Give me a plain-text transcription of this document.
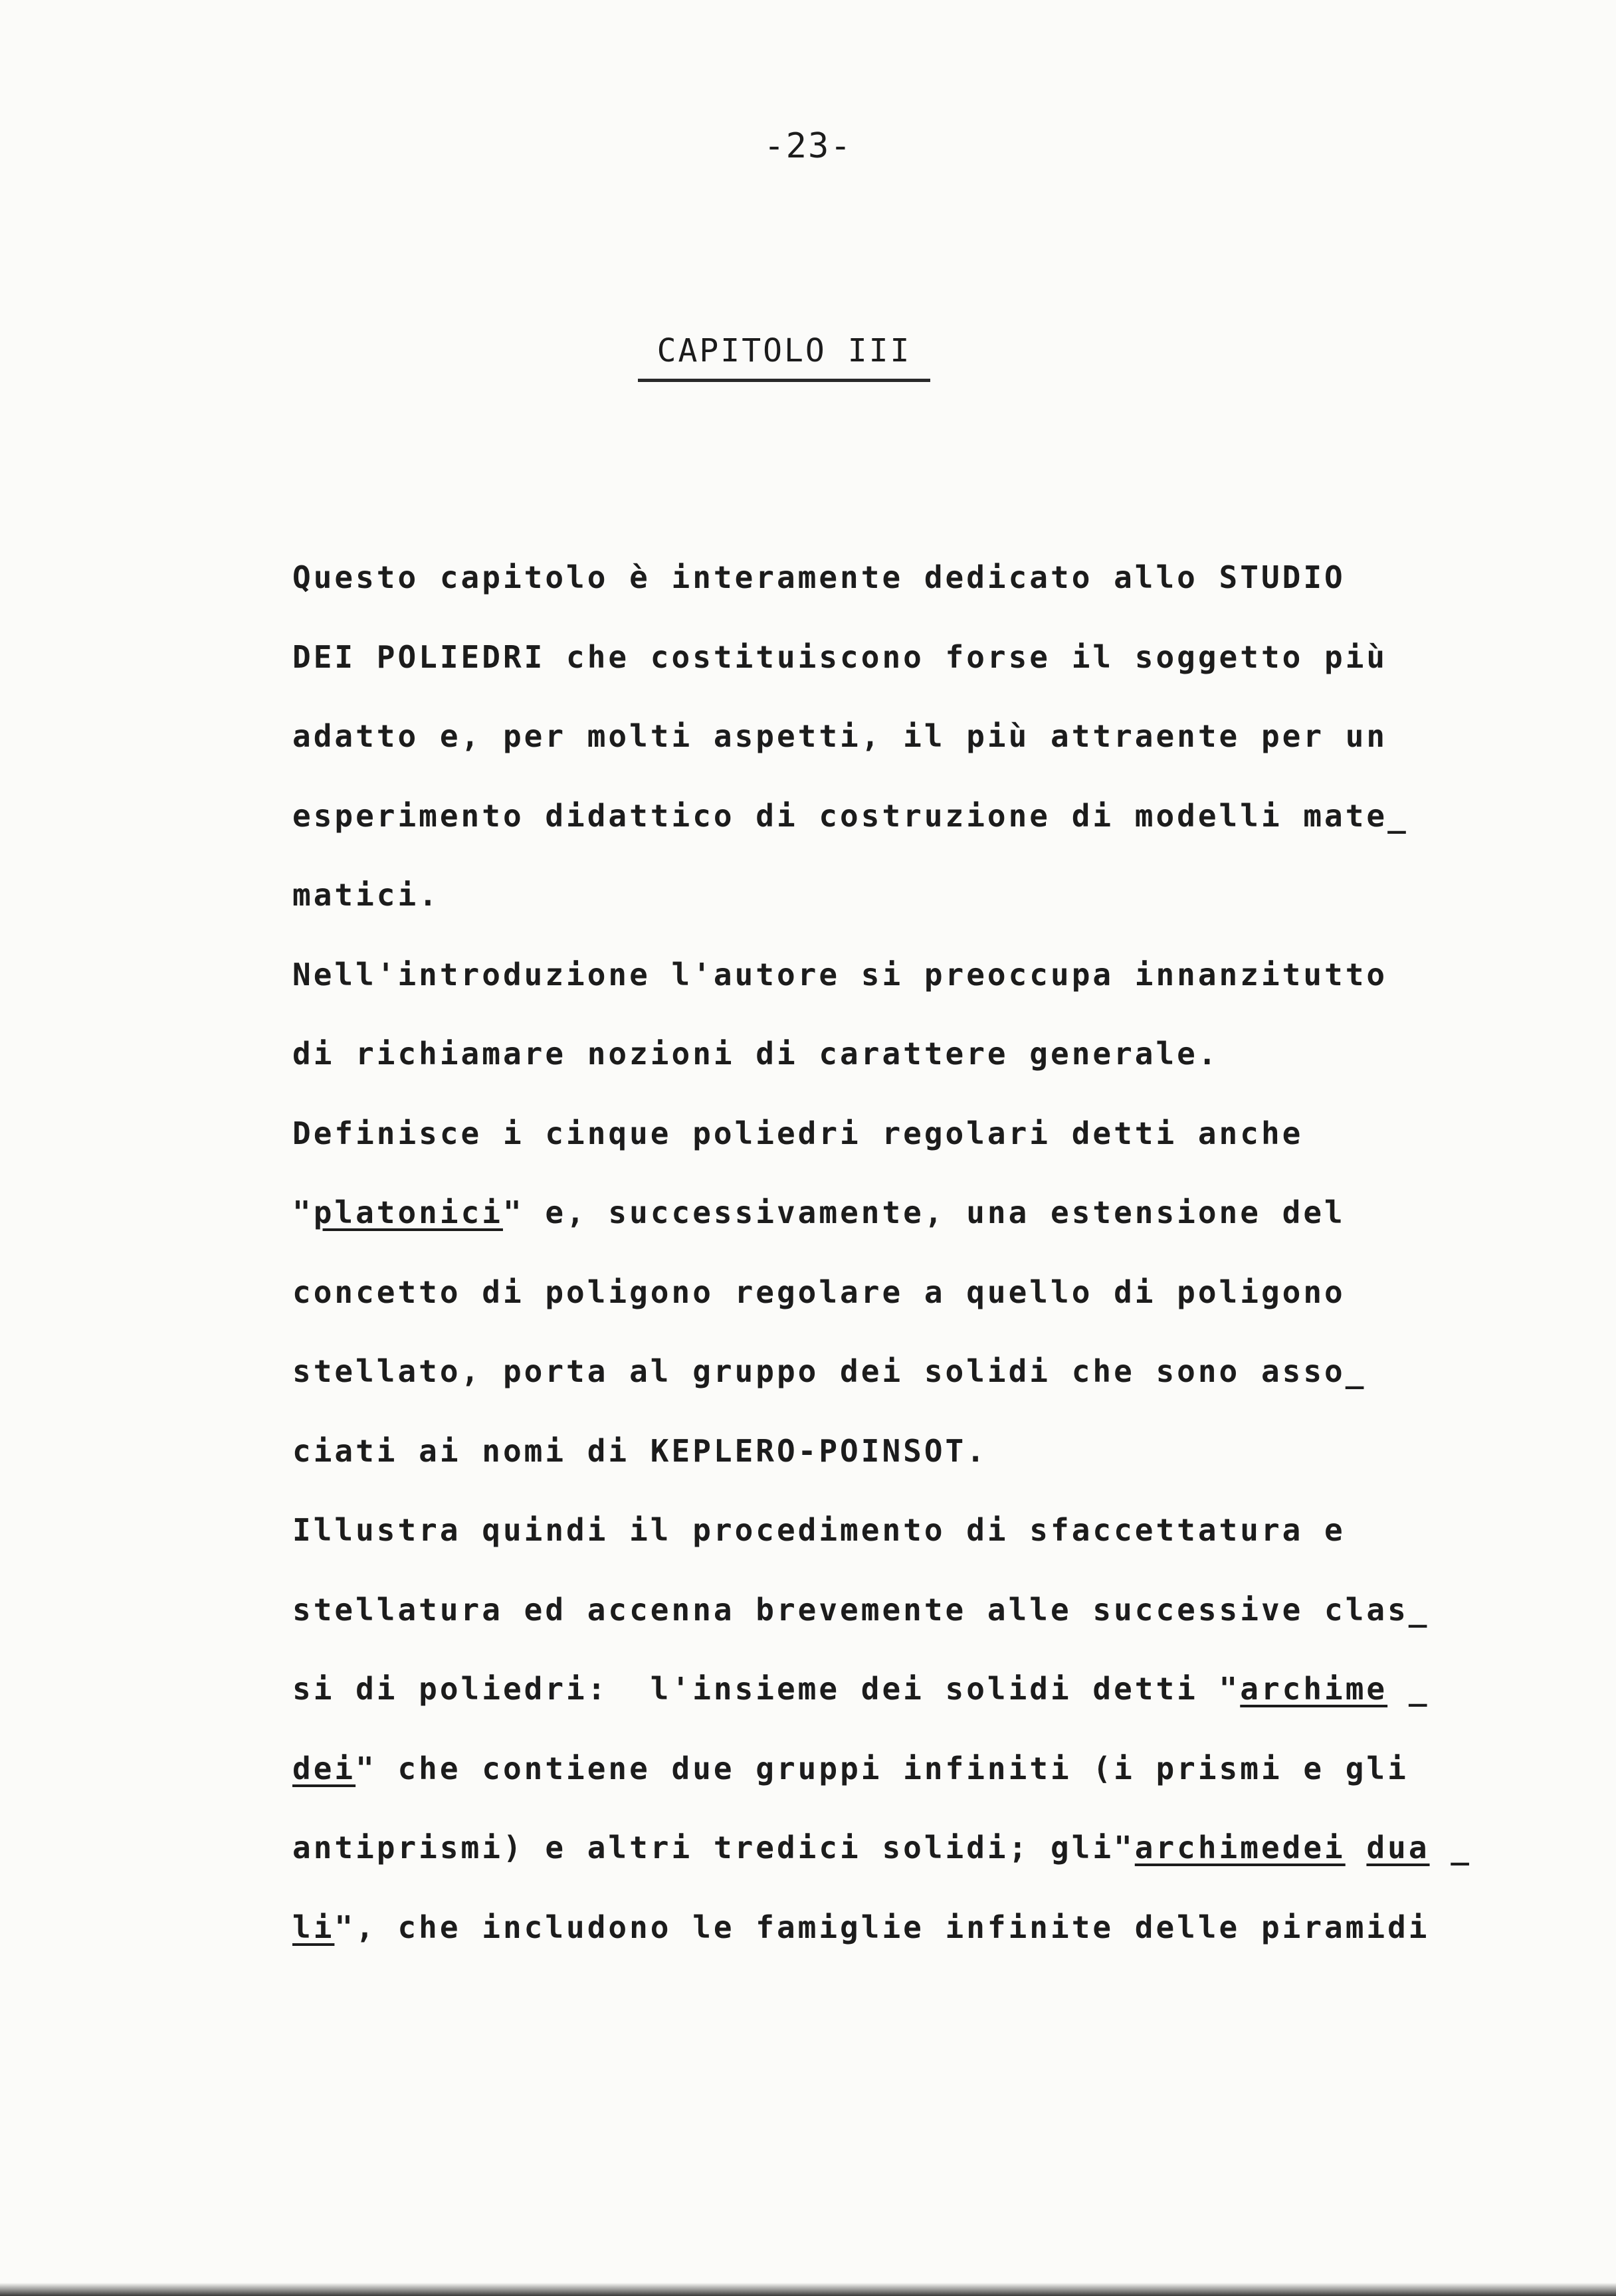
-23-
CAPITOLO III
Questo capitolo è interamente dedicato allo STUDIO
DEI POLIEDRI che costituiscono forse il soggetto più
adatto e, per molti aspetti, il più attraente per un
esperimento didattico di costruzione di modelli mate_
matici.
Nell'introduzione l'autore si preoccupa innanzitutto
di richiamare nozioni di carattere generale.
Definisce i cinque poliedri regolari detti anche
"platonici" e, successivamente, una estensione del
concetto di poligono regolare a quello di poligono
stellato, porta al gruppo dei solidi che sono asso_
ciati ai nomi di KEPLERO-POINSOT.
Illustra quindi il procedimento di sfaccettatura e
stellatura ed accenna brevemente alle successive clas_
si di poliedri:  l'insieme dei solidi detti "archime _
dei" che contiene due gruppi infiniti (i prismi e gli
antiprismi) e altri tredici solidi; gli"archimedei dua _
li", che includono le famiglie infinite delle piramidi
